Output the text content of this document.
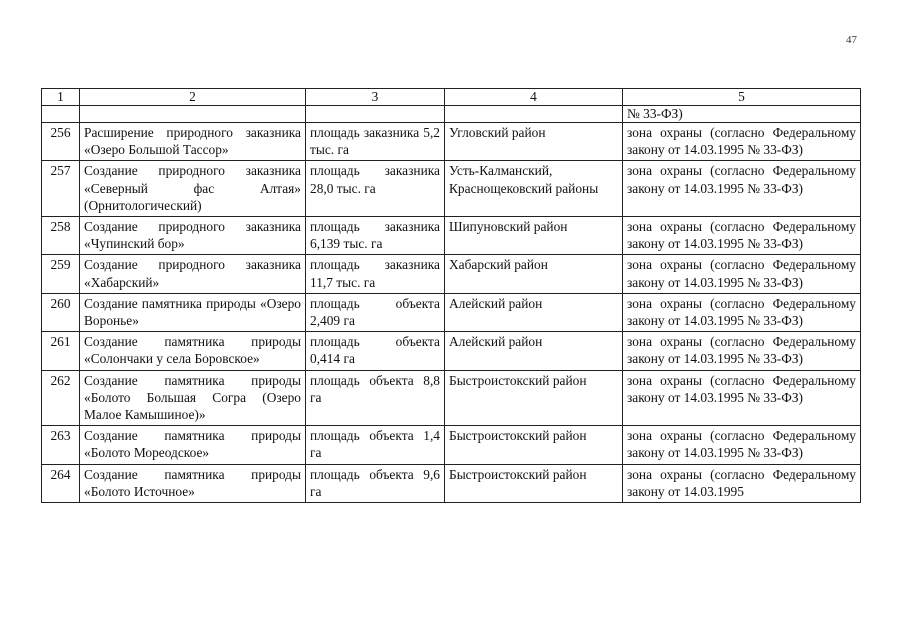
47
1	2	3	4	5
				№ 33-ФЗ)
256	Расширение природного заказника «Озеро Большой Тассор»	площадь заказника 5,2 тыс. га	Угловский район	зона охраны (согласно Федеральному закону от 14.03.1995 № 33-ФЗ)
257	Создание природного заказника «Северный фас Алтая» (Орнитологический)	площадь заказника 28,0 тыс. га	Усть-Калманский, Краснощековский районы	зона охраны (согласно Федеральному закону от 14.03.1995 № 33-ФЗ)
258	Создание природного заказника «Чупинский бор»	площадь заказника 6,139 тыс. га	Шипуновский район	зона охраны (согласно Федеральному закону от 14.03.1995 № 33-ФЗ)
259	Создание природного заказника «Хабарский»	площадь заказника 11,7 тыс. га	Хабарский район	зона охраны (согласно Федеральному закону от 14.03.1995 № 33-ФЗ)
260	Создание памятника природы «Озеро Воронье»	площадь объекта 2,409 га	Алейский район	зона охраны (согласно Федеральному закону от 14.03.1995 № 33-ФЗ)
261	Создание памятника природы «Солончаки у села Боровское»	площадь объекта 0,414 га	Алейский район	зона охраны (согласно Федеральному закону от 14.03.1995 № 33-ФЗ)
262	Создание памятника природы «Болото Большая Согра (Озеро Малое Камышиное)»	площадь объекта 8,8 га	Быстроистокский район	зона охраны (согласно Федеральному закону от 14.03.1995 № 33-ФЗ)
263	Создание памятника природы «Болото Мореодское»	площадь объекта 1,4 га	Быстроистокский район	зона охраны (согласно Федеральному закону от 14.03.1995 № 33-ФЗ)
264	Создание памятника природы «Болото Источное»	площадь объекта 9,6 га	Быстроистокский район	зона охраны (согласно Федеральному закону от 14.03.1995
